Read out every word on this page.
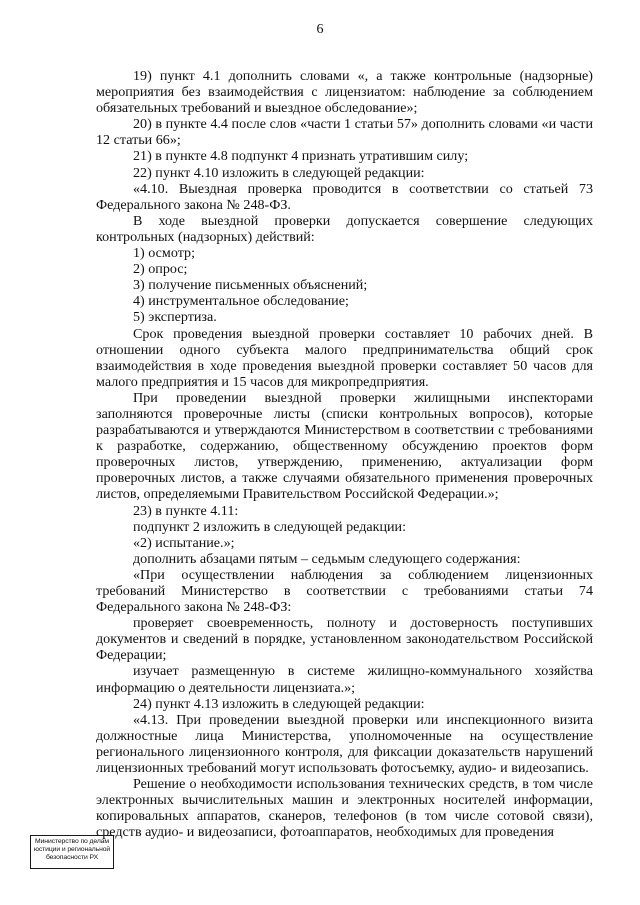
6

19) пункт 4.1 дополнить словами «, а также контрольные (надзорные) мероприятия без взаимодействия с лицензиатом: наблюдение за соблюдением обязательных требований и выездное обследование»;

20) в пункте 4.4 после слов «части 1 статьи 57» дополнить словами «и части 12 статьи 66»;

21) в пункте 4.8 подпункт 4 признать утратившим силу;

22) пункт 4.10 изложить в следующей редакции:

«4.10. Выездная проверка проводится в соответствии со статьей 73 Федерального закона № 248-ФЗ.

В ходе выездной проверки допускается совершение следующих контрольных (надзорных) действий:

1) осмотр;

2) опрос;

3) получение письменных объяснений;

4) инструментальное обследование;

5) экспертиза.

Срок проведения выездной проверки составляет 10 рабочих дней. В отношении одного субъекта малого предпринимательства общий срок взаимодействия в ходе проведения выездной проверки составляет 50 часов для малого предприятия и 15 часов для микропредприятия.

При проведении выездной проверки жилищными инспекторами заполняются проверочные листы (списки контрольных вопросов), которые разрабатываются и утверждаются Министерством в соответствии с требованиями к разработке, содержанию, общественному обсуждению проектов форм проверочных листов, утверждению, применению, актуализации форм проверочных листов, а также случаями обязательного применения проверочных листов, определяемыми Правительством Российской Федерации.»;

23) в пункте 4.11:

подпункт 2 изложить в следующей редакции:

«2) испытание.»;

дополнить абзацами пятым – седьмым следующего содержания:

«При осуществлении наблюдения за соблюдением лицензионных требований Министерство в соответствии с требованиями статьи 74 Федерального закона № 248-ФЗ:

проверяет своевременность, полноту и достоверность поступивших документов и сведений в порядке, установленном законодательством Российской Федерации;

изучает размещенную в системе жилищно-коммунального хозяйства информацию о деятельности лицензиата.»;

24) пункт 4.13 изложить в следующей редакции:

«4.13. При проведении выездной проверки или инспекционного визита должностные лица Министерства, уполномоченные на осуществление регионального лицензионного контроля, для фиксации доказательств нарушений лицензионных требований могут использовать фотосъемку, аудио- и видеозапись.

Решение о необходимости использования технических средств, в том числе электронных вычислительных машин и электронных носителей информации, копировальных аппаратов, сканеров, телефонов (в том числе сотовой связи), средств аудио- и видеозаписи, фотоаппаратов, необходимых для проведения

Министерство по делам
юстиции и региональной
безопасности РХ
